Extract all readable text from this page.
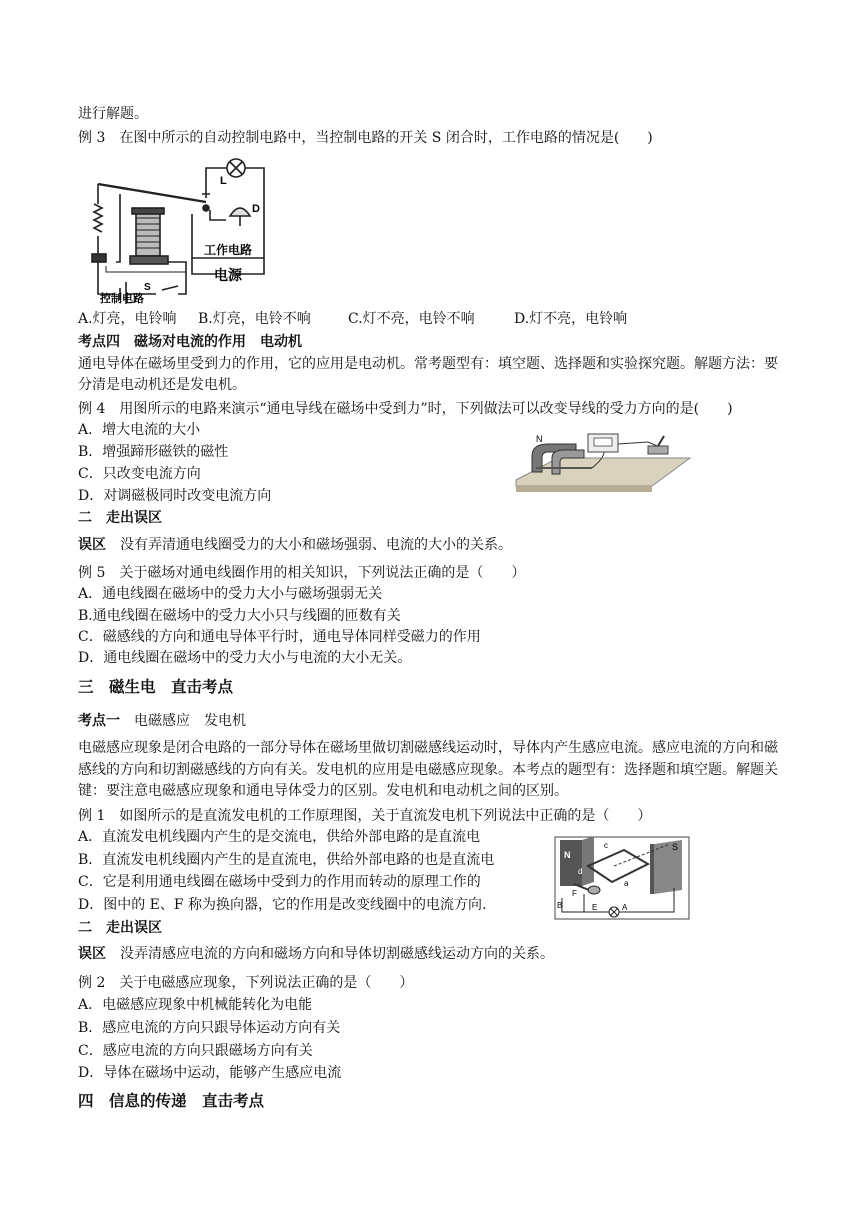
进行解题。
例 3　在图中所示的自动控制电路中，当控制电路的开关 S 闭合时，工作电路的情况是(　　)
L
D
工作电路
电源
S
控制电路
A.灯亮，电铃响 B.灯亮，电铃不响	C.灯不亮，电铃不响	D.灯不亮，电铃响
考点四　磁场对电流的作用　电动机
通电导体在磁场里受到力的作用，它的应用是电动机。常考题型有：填空题、选择题和实验探究题。解题方法：要分清是电动机还是发电机。
例 4　用图所示的电路来演示“通电导线在磁场中受到力”时，下列做法可以改变导线的受力方向的是(　　)
A．增大电流的大小
B．增强蹄形磁铁的磁性
C．只改变电流方向
D．对调磁极同时改变电流方向
N
二　走出误区
误区　 没有弄清通电线圈受力的大小和磁场强弱、电流的大小的关系。
例 5　关于磁场对通电线圈作用的相关知识，下列说法正确的是（　　）
A．通电线圈在磁场中的受力大小与磁场强弱无关
B.通电线圈在磁场中的受力大小只与线圈的匝数有关
C．磁感线的方向和通电导体平行时，通电导体同样受磁力的作用
D．通电线圈在磁场中的受力大小与电流的大小无关。
三　磁生电　直击考点
考点一　 电磁感应　发电机
电磁感应现象是闭合电路的一部分导体在磁场里做切割磁感线运动时，导体内产生感应电流。感应电流的方向和磁感线的方向和切割磁感线的方向有关。发电机的应用是电磁感应现象。本考点的题型有：选择题和填空题。解题关键：要注意电磁感应现象和通电导体受力的区别。发电机和电动机之间的区别。
例 1　如图所示的是直流发电机的工作原理图，关于直流发电机下列说法中正确的是（　　）
A．直流发电机线圈内产生的是交流电，供给外部电路的是直流电
B．直流发电机线圈内产生的是直流电，供给外部电路的也是直流电
C．它是利用通电线圈在磁场中受到力的作用而转动的原理工作的
D．图中的 E、F 称为换向器，它的作用是改变线圈中的电流方向.
N
c
d
a
F
B	E	A
S
二　走出误区
误区　 没弄清感应电流的方向和磁场方向和导体切割磁感线运动方向的关系。
例 2　关于电磁感应现象，下列说法正确的是（　　）
A．电磁感应现象中机械能转化为电能
B．感应电流的方向只跟导体运动方向有关
C．感应电流的方向只跟磁场方向有关
D．导体在磁场中运动，能够产生感应电流
四　信息的传递　直击考点
